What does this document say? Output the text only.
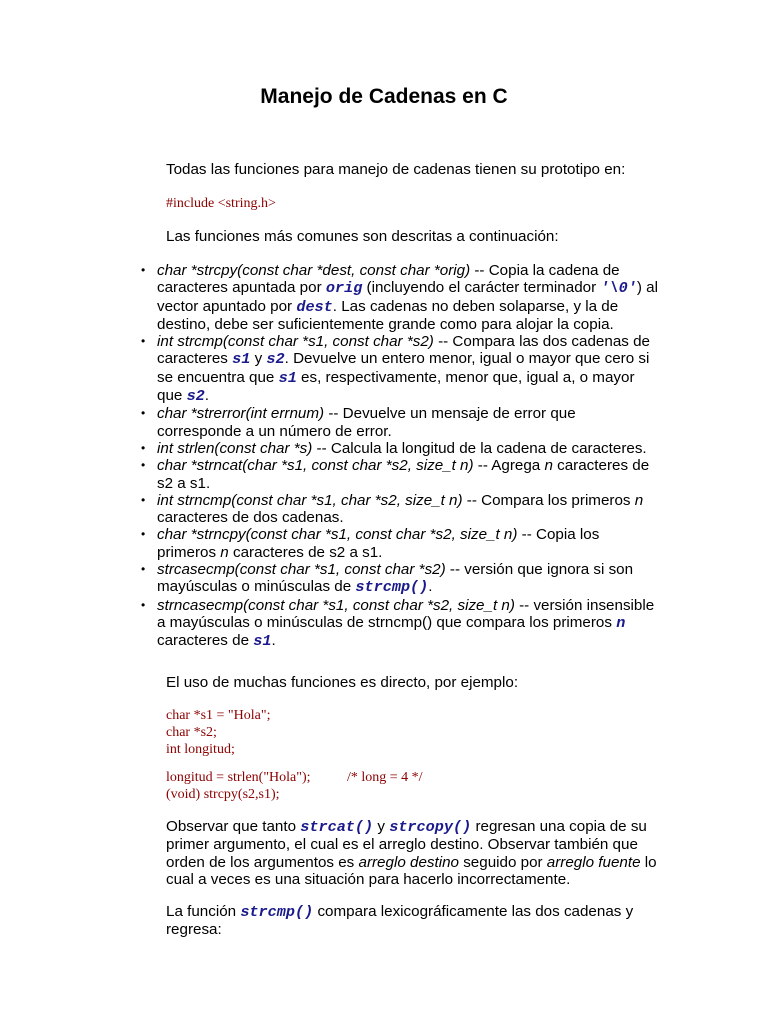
Manejo de Cadenas en C

Todas las funciones para manejo de cadenas tienen su prototipo en:

#include <string.h>

Las funciones más comunes son descritas a continuación:

• char *strcpy(const char *dest, const char *orig) -- Copia la cadena de caracteres apuntada por orig (incluyendo el carácter terminador '\0') al vector apuntado por dest. Las cadenas no deben solaparse, y la de destino, debe ser suficientemente grande como para alojar la copia.
• int strcmp(const char *s1, const char *s2) -- Compara las dos cadenas de caracteres s1 y s2. Devuelve un entero menor, igual o mayor que cero si se encuentra que s1 es, respectivamente, menor que, igual a, o mayor que s2.
• char *strerror(int errnum) -- Devuelve un mensaje de error que corresponde a un número de error.
• int strlen(const char *s) -- Calcula la longitud de la cadena de caracteres.
• char *strncat(char *s1, const char *s2, size_t n) -- Agrega n caracteres de s2 a s1.
• int strncmp(const char *s1, char *s2, size_t n) -- Compara los primeros n caracteres de dos cadenas.
• char *strncpy(const char *s1, const char *s2, size_t n) -- Copia los primeros n caracteres de s2 a s1.
• strcasecmp(const char *s1, const char *s2) -- versión que ignora si son mayúsculas o minúsculas de strcmp().
• strncasecmp(const char *s1, const char *s2, size_t n) -- versión insensible a mayúsculas o minúsculas de strncmp() que compara los primeros n caracteres de s1.

El uso de muchas funciones es directo, por ejemplo:

char *s1 = "Hola";

char *s2;

int longitud;

longitud = strlen("Hola");	/* long = 4 */

(void) strcpy(s2,s1);

Observar que tanto strcat() y strcopy() regresan una copia de su primer argumento, el cual es el arreglo destino. Observar también que orden de los argumentos es arreglo destino seguido por arreglo fuente lo cual a veces es una situación para hacerlo incorrectamente.

La función strcmp() compara lexicográficamente las dos cadenas y regresa:
